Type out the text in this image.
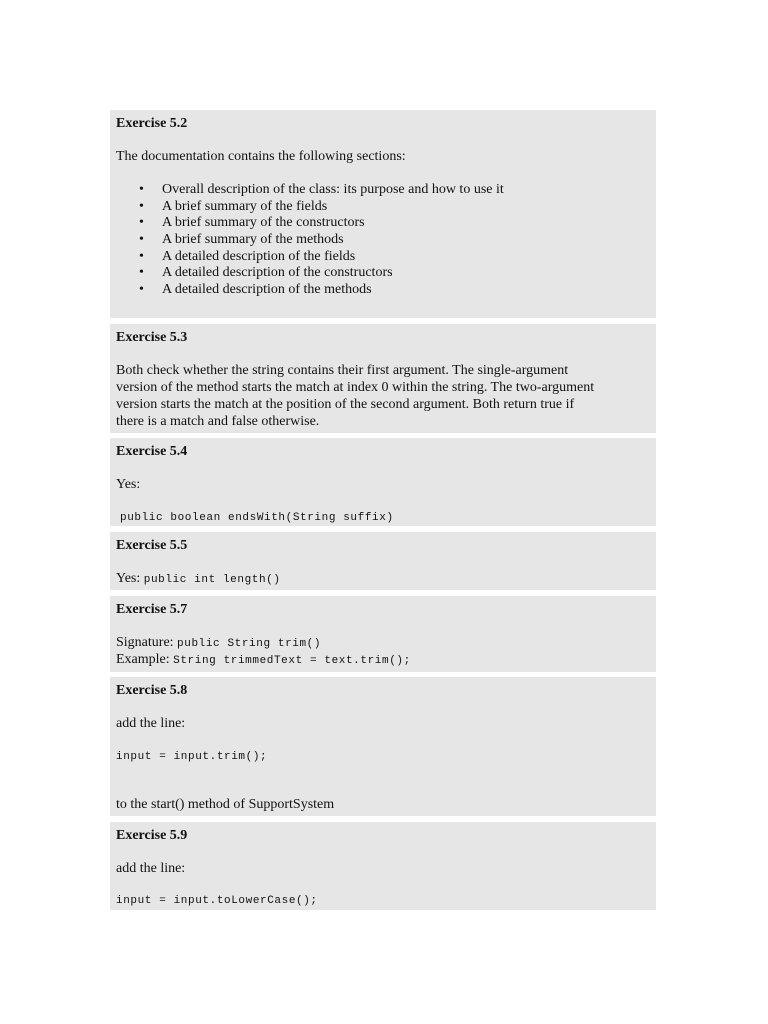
Exercise 5.2
The documentation contains the following sections:
• Overall description of the class: its purpose and how to use it
• A brief summary of the fields
• A brief summary of the constructors
• A brief summary of the methods
• A detailed description of the fields
• A detailed description of the constructors
• A detailed description of the methods
Exercise 5.3
Both check whether the string contains their first argument. The single-argument
version of the method starts the match at index 0 within the string. The two-argument
version starts the match at the position of the second argument. Both return true if
there is a match and false otherwise.
Exercise 5.4
Yes:
public boolean endsWith(String suffix)
Exercise 5.5
Yes: public int length()
Exercise 5.7
Signature: public String trim()
Example: String trimmedText = text.trim();
Exercise 5.8
add the line:
input = input.trim();
to the start() method of SupportSystem
Exercise 5.9
add the line:
input = input.toLowerCase();
